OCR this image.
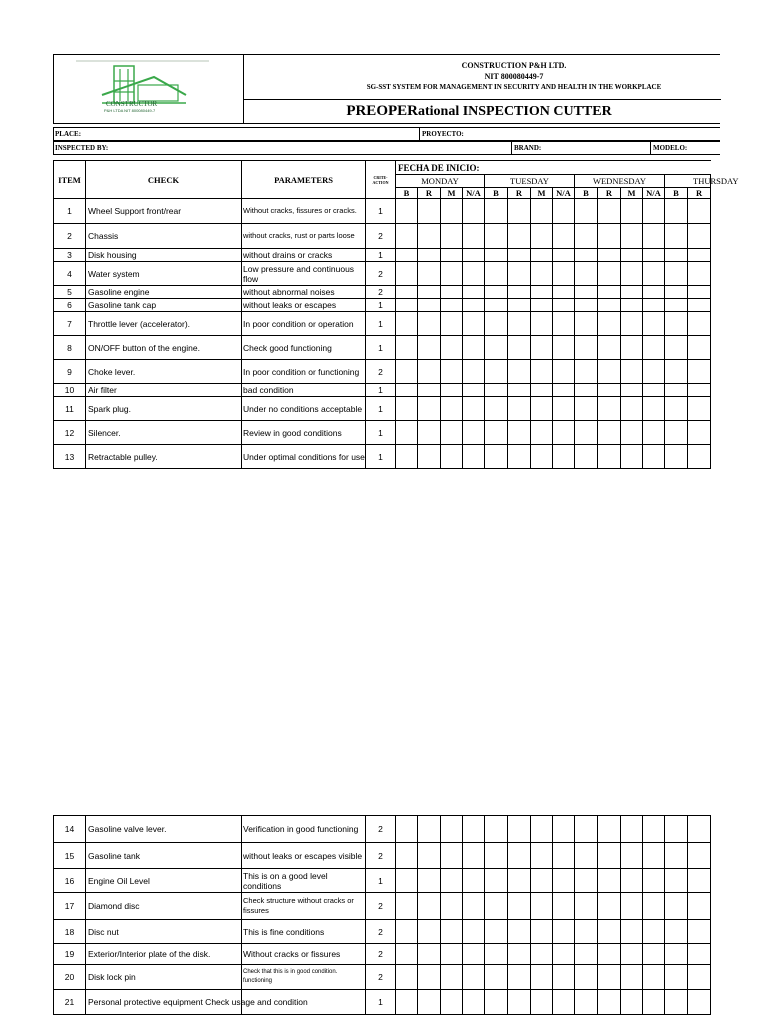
CONSTRUCTOR
P&H LTDA NIT 800080449-7
CONSTRUCTION P&H LTD.
NIT 800080449-7
SG-SST SYSTEM FOR MANAGEMENT IN SECURITY AND HEALTH IN THE WORKPLACE
PREOPERational INSPECTION CUTTER
PLACE:	PROYECTO:
INSPECTED BY:	BRAND:	MODELO:
ITEM	CHECK	PARAMETERS	CRITE- ACTION	FECHA DE INICIO:													
				MONDAY				TUESDAY				WEDNESDAY				THURSDAY	
				B	R	M	N/A	B	R	M	N/A	B	R	M	N/A	B	R
1	Wheel Support front/rear	Without cracks, fissures or cracks.	1														
2	Chassis	without cracks, rust or parts loose	2														
3	Disk housing	without drains or cracks	1														
4	Water system	Low pressure and continuous flow	2														
5	Gasoline engine	without abnormal noises	2														
6	Gasoline tank cap	without leaks or escapes	1														
7	Throttle lever (accelerator).	In poor condition or operation	1														
8	ON/OFF button of the engine.	Check good functioning	1														
9	Choke lever.	In poor condition or functioning	2														
10	Air filter	bad condition	1														
11	Spark plug.	Under no conditions acceptable	1														
12	Silencer.	Review in good conditions	1														
13	Retractable pulley.	Under optimal conditions for use	1														
14	Gasoline valve lever.	Verification in good functioning	2														
15	Gasoline tank	without leaks or escapes visible	2														
16	Engine Oil Level	This is on a good level conditions	1														
17	Diamond disc	Check structure without cracks or fissures	2														
18	Disc nut	This is fine conditions	2														
19	Exterior/Interior plate of the disk.	Without cracks or fissures	2														
20	Disk lock pin	Check that this is in good condition. functioning	2														
21	Personal protective equipment Check usage and condition		1														
